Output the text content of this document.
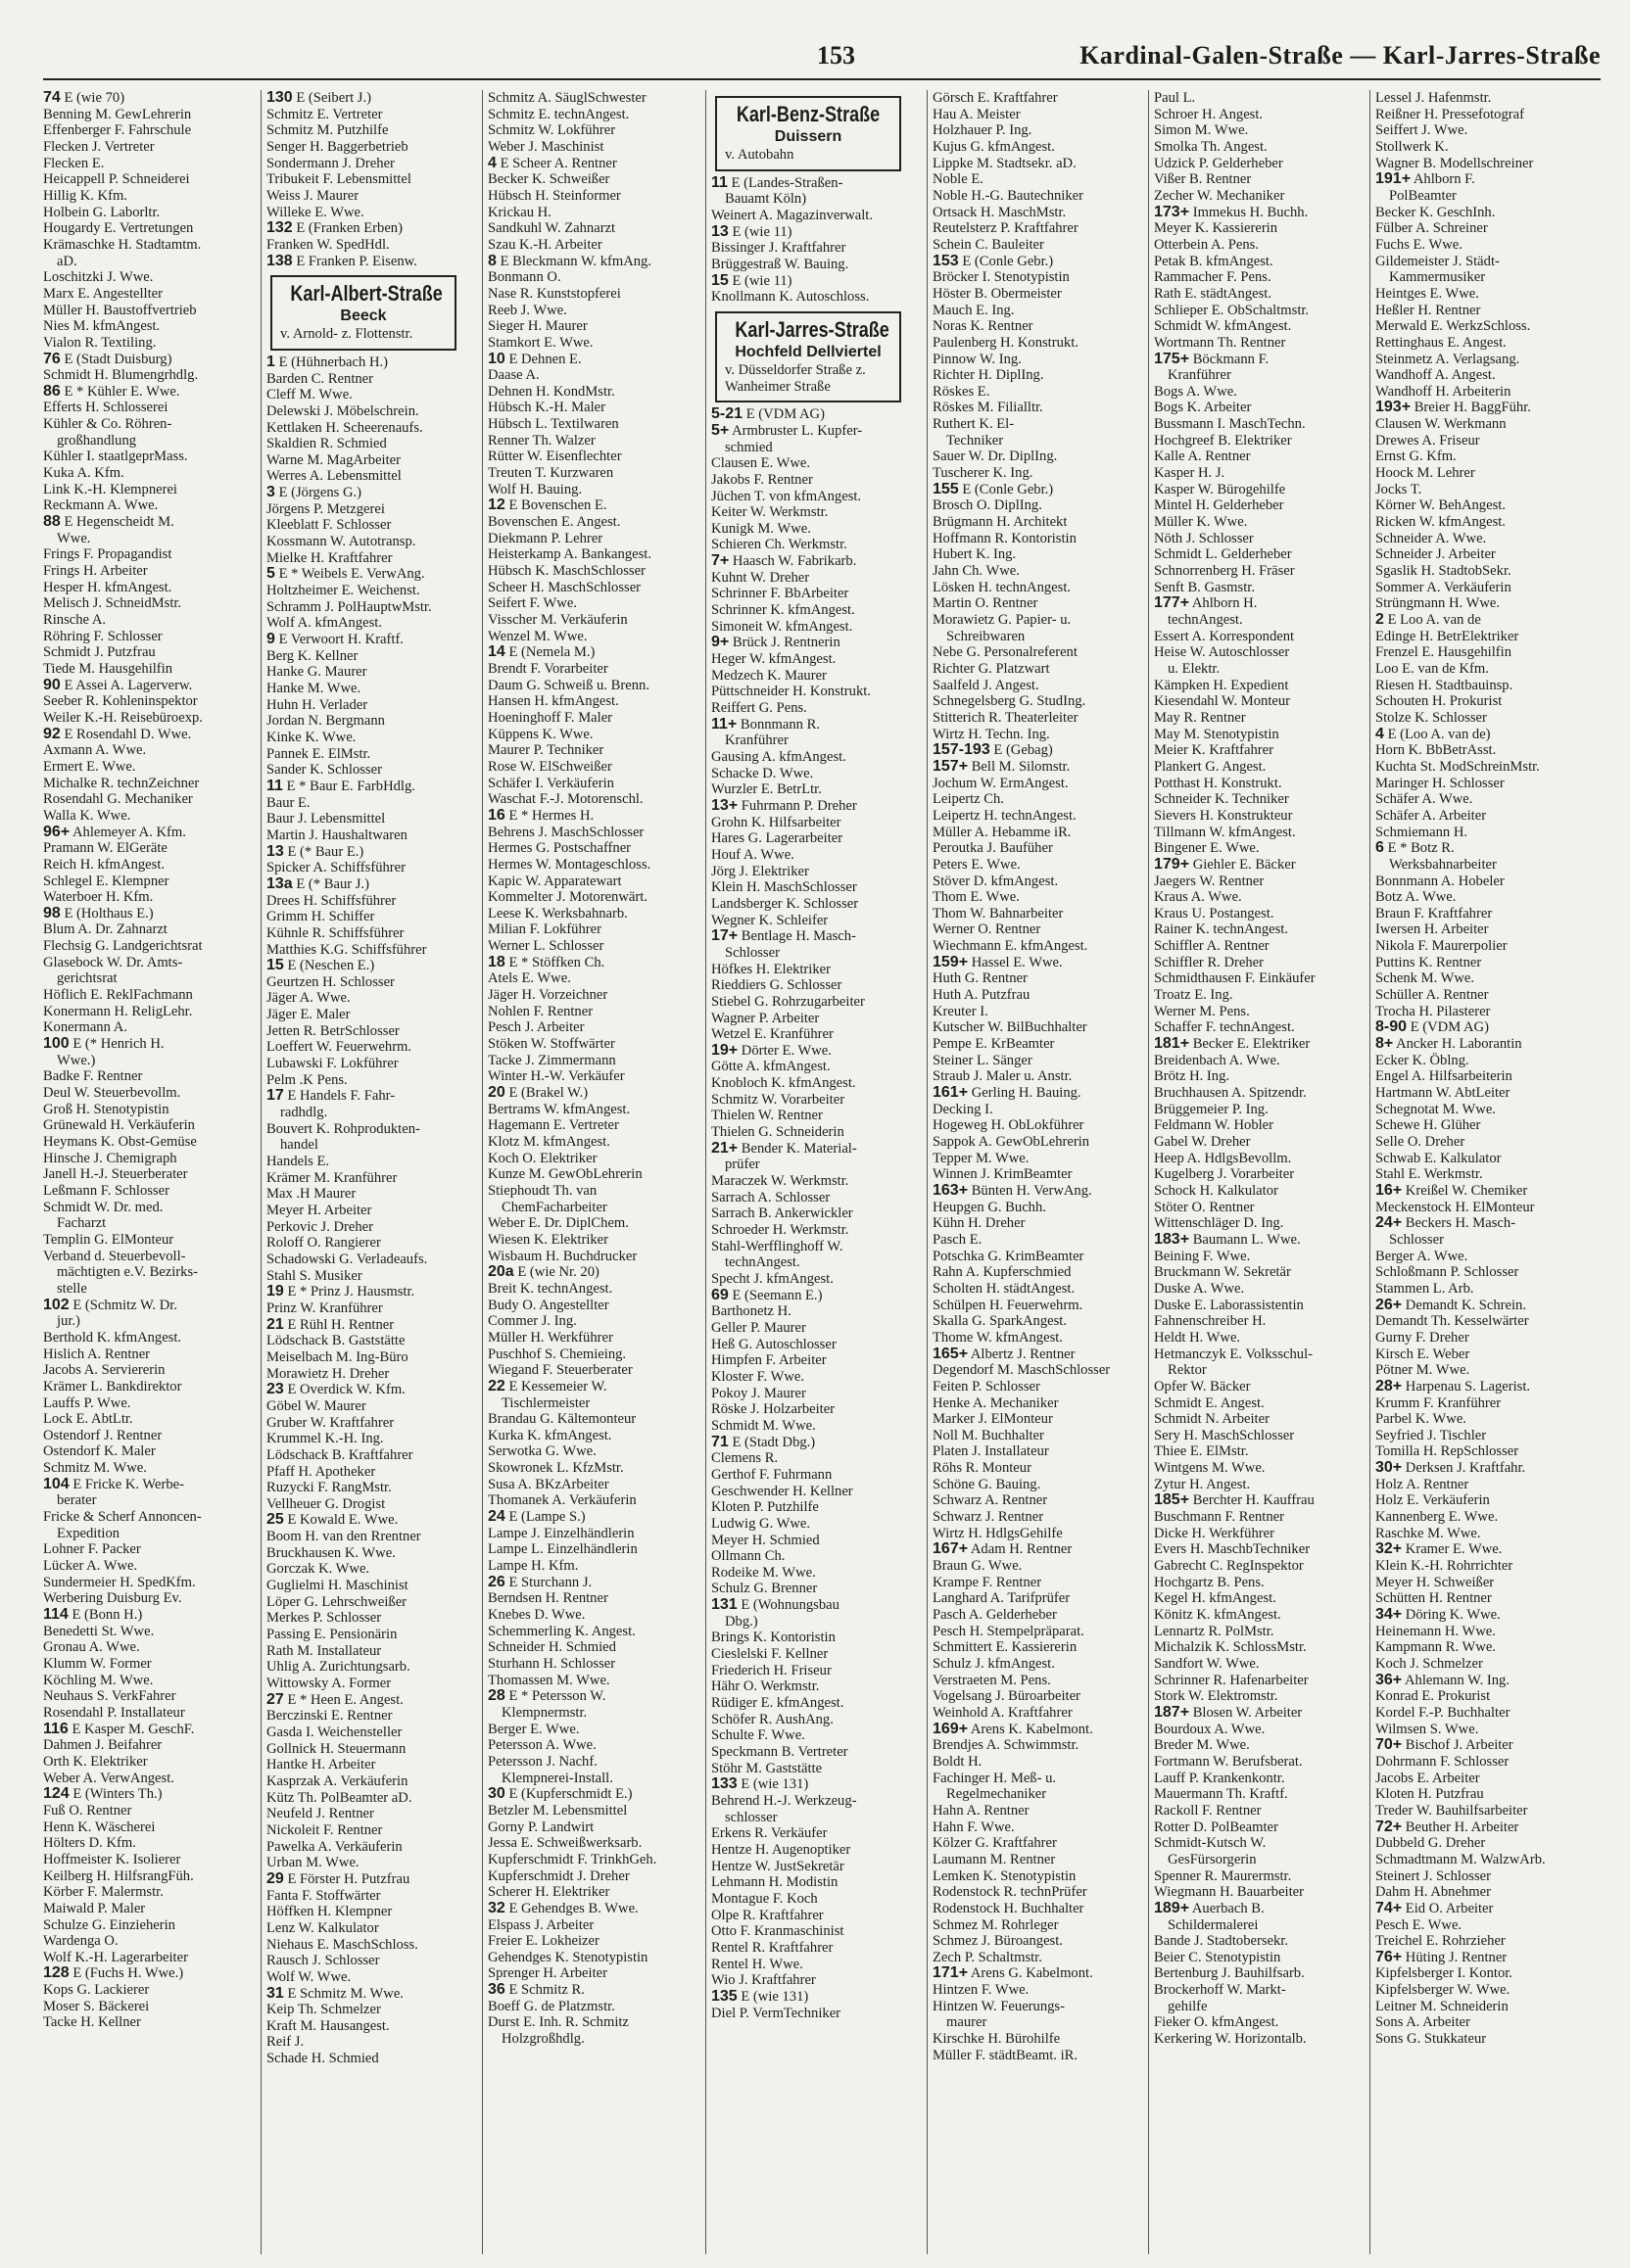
153	Kardinal-Galen-Straße — Karl-Jarres-Straße
74 E (wie 70)
Benning M. GewLehrerin
Effenberger F. Fahrschule
Flecken J. Vertreter
Flecken E.
Heicappell P. Schneiderei
Hillig K. Kfm.
Holbein G. Laborltr.
Hougardy E. Vertretungen
Krämaschke H. Stadtamtm.
aD.
Loschitzki J. Wwe.
Marx E. Angestellter
Müller H. Baustoffvertrieb
Nies M. kfmAngest.
Vialon R. Textiling.
76 E (Stadt Duisburg)
Schmidt H. Blumengrhdlg.
86 E * Kühler E. Wwe.
Efferts H. Schlosserei
Kühler & Co. Röhren-
großhandlung
Kühler I. staatlgeprMass.
Kuka A. Kfm.
Link K.-H. Klempnerei
Reckmann A. Wwe.
88 E Hegenscheidt M.
Wwe.
Frings F. Propagandist
Frings H. Arbeiter
Hesper H. kfmAngest.
Melisch J. SchneidMstr.
Rinsche A.
Röhring F. Schlosser
Schmidt J. Putzfrau
Tiede M. Hausgehilfin
90 E Assei A. Lagerverw.
Seeber R. Kohleninspektor
Weiler K.-H. Reisebüroexp.
92 E Rosendahl D. Wwe.
Axmann A. Wwe.
Ermert E. Wwe.
Michalke R. technZeichner
Rosendahl G. Mechaniker
Walla K. Wwe.
96+ Ahlemeyer A. Kfm.
Pramann W. ElGeräte
Reich H. kfmAngest.
Schlegel E. Klempner
Waterboer H. Kfm.
98 E (Holthaus E.)
Blum A. Dr. Zahnarzt
Flechsig G. Landgerichtsrat
Glasebock W. Dr. Amts-
gerichtsrat
Höflich E. ReklFachmann
Konermann H. ReligLehr.
Konermann A.
100 E (* Henrich H.
Wwe.)
Badke F. Rentner
Deul W. Steuerbevollm.
Groß H. Stenotypistin
Grünewald H. Verkäuferin
Heymans K. Obst-Gemüse
Hinsche J. Chemigraph
Janell H.-J. Steuerberater
Leßmann F. Schlosser
Schmidt W. Dr. med.
Facharzt
Templin G. ElMonteur
Verband d. Steuerbevoll-
mächtigten e.V. Bezirks-
stelle
102 E (Schmitz W. Dr.
jur.)
Berthold K. kfmAngest.
Hislich A. Rentner
Jacobs A. Serviererin
Krämer L. Bankdirektor
Lauffs P. Wwe.
Lock E. AbtLtr.
Ostendorf J. Rentner
Ostendorf K. Maler
Schmitz M. Wwe.
104 E Fricke K. Werbe-
berater
Fricke & Scherf Annoncen-
Expedition
Lohner F. Packer
Lücker A. Wwe.
Sundermeier H. SpedKfm.
Werbering Duisburg Ev.
114 E (Bonn H.)
Benedetti St. Wwe.
Gronau A. Wwe.
Klumm W. Former
Köchling M. Wwe.
Neuhaus S. VerkFahrer
Rosendahl P. Installateur
116 E Kasper M. GeschF.
Dahmen J. Beifahrer
Orth K. Elektriker
Weber A. VerwAngest.
124 E (Winters Th.)
Fuß O. Rentner
Henn K. Wäscherei
Hölters D. Kfm.
Hoffmeister K. Isolierer
Keilberg H. HilfsrangFüh.
Körber F. Malermstr.
Maiwald P. Maler
Schulze G. Einzieherin
Wardenga O.
Wolf K.-H. Lagerarbeiter
128 E (Fuchs H. Wwe.)
Kops G. Lackierer
Moser S. Bäckerei
Tacke H. Kellner
130 E (Seibert J.)
Schmitz E. Vertreter
Schmitz M. Putzhilfe
Senger H. Baggerbetrieb
Sondermann J. Dreher
Tribukeit F. Lebensmittel
Weiss J. Maurer
Willeke E. Wwe.
132 E (Franken Erben)
Franken W. SpedHdl.
138 E Franken P. Eisenw.
Karl-Albert-Straße
Beeck
v. Arnold- z. Flottenstr.
1 E (Hühnerbach H.)
Barden C. Rentner
Cleff M. Wwe.
Delewski J. Möbelschrein.
Kettlaken H. Scheerenaufs.
Skaldien R. Schmied
Warne M. MagArbeiter
Werres A. Lebensmittel
3 E (Jörgens G.)
Jörgens P. Metzgerei
Kleeblatt F. Schlosser
Kossmann W. Autotransp.
Mielke H. Kraftfahrer
5 E * Weibels E. VerwAng.
Holtzheimer E. Weichenst.
Schramm J. PolHauptwMstr.
Wolf A. kfmAngest.
9 E Verwoort H. Kraftf.
Berg K. Kellner
Hanke G. Maurer
Hanke M. Wwe.
Huhn H. Verlader
Jordan N. Bergmann
Kinke K. Wwe.
Pannek E. ElMstr.
Sander K. Schlosser
11 E * Baur E. FarbHdlg.
Baur E.
Baur J. Lebensmittel
Martin J. Haushaltwaren
13 E (* Baur E.)
Spicker A. Schiffsführer
13a E (* Baur J.)
Drees H. Schiffsführer
Grimm H. Schiffer
Kühnle R. Schiffsführer
Matthies K.G. Schiffsführer
15 E (Neschen E.)
Geurtzen H. Schlosser
Jäger A. Wwe.
Jäger E. Maler
Jetten R. BetrSchlosser
Loeffert W. Feuerwehrm.
Lubawski F. Lokführer
Pelm .K Pens.
17 E Handels F. Fahr-
radhdlg.
Bouvert K. Rohprodukten-
handel
Handels E.
Krämer M. Kranführer
Max .H Maurer
Meyer H. Arbeiter
Perkovic J. Dreher
Roloff O. Rangierer
Schadowski G. Verladeaufs.
Stahl S. Musiker
19 E * Prinz J. Hausmstr.
Prinz W. Kranführer
21 E Rühl H. Rentner
Lödschack B. Gaststätte
Meiselbach M. Ing-Büro
Morawietz H. Dreher
23 E Overdick W. Kfm.
Göbel W. Maurer
Gruber W. Kraftfahrer
Krummel K.-H. Ing.
Lödschack B. Kraftfahrer
Pfaff H. Apotheker
Ruzycki F. RangMstr.
Vellheuer G. Drogist
25 E Kowald E. Wwe.
Boom H. van den Rrentner
Bruckhausen K. Wwe.
Gorczak K. Wwe.
Guglielmi H. Maschinist
Löper G. Lehrschweißer
Merkes P. Schlosser
Passing E. Pensionärin
Rath M. Installateur
Uhlig A. Zurichtungsarb.
Wittowsky A. Former
27 E * Heen E. Angest.
Berczinski E. Rentner
Gasda I. Weichensteller
Gollnick H. Steuermann
Hantke H. Arbeiter
Kasprzak A. Verkäuferin
Kütz Th. PolBeamter aD.
Neufeld J. Rentner
Nickoleit F. Rentner
Pawelka A. Verkäuferin
Urban M. Wwe.
29 E Förster H. Putzfrau
Fanta F. Stoffwärter
Höffken H. Klempner
Lenz W. Kalkulator
Niehaus E. MaschSchloss.
Rausch J. Schlosser
Wolf W. Wwe.
31 E Schmitz M. Wwe.
Keip Th. Schmelzer
Kraft M. Hausangest.
Reif J.
Schade H. Schmied
Schmitz A. SäuglSchwester
Schmitz E. technAngest.
Schmitz W. Lokführer
Weber J. Maschinist
4 E Scheer A. Rentner
Becker K. Schweißer
Hübsch H. Steinformer
Krickau H.
Sandkuhl W. Zahnarzt
Szau K.-H. Arbeiter
8 E Bleckmann W. kfmAng.
Bonmann O.
Nase R. Kunststopferei
Reeb J. Wwe.
Sieger H. Maurer
Stamkort E. Wwe.
10 E Dehnen E.
Daase A.
Dehnen H. KondMstr.
Hübsch K.-H. Maler
Hübsch L. Textilwaren
Renner Th. Walzer
Rütter W. Eisenflechter
Treuten T. Kurzwaren
Wolf H. Bauing.
12 E Bovenschen E.
Bovenschen E. Angest.
Diekmann P. Lehrer
Heisterkamp A. Bankangest.
Hübsch K. MaschSchlosser
Scheer H. MaschSchlosser
Seifert F. Wwe.
Visscher M. Verkäuferin
Wenzel M. Wwe.
14 E (Nemela M.)
Brendt F. Vorarbeiter
Daum G. Schweiß u. Brenn.
Hansen H. kfmAngest.
Hoeninghoff F. Maler
Küppens K. Wwe.
Maurer P. Techniker
Rose W. ElSchweißer
Schäfer I. Verkäuferin
Waschat F.-J. Motorenschl.
16 E * Hermes H.
Behrens J. MaschSchlosser
Hermes G. Postschaffner
Hermes W. Montageschloss.
Kapic W. Apparatewart
Kommelter J. Motorenwärt.
Leese K. Werksbahnarb.
Milian F. Lokführer
Werner L. Schlosser
18 E * Stöffken Ch.
Atels E. Wwe.
Jäger H. Vorzeichner
Nohlen F. Rentner
Pesch J. Arbeiter
Stöken W. Stoffwärter
Tacke J. Zimmermann
Winter H.-W. Verkäufer
20 E (Brakel W.)
Bertrams W. kfmAngest.
Hagemann E. Vertreter
Klotz M. kfmAngest.
Koch O. Elektriker
Kunze M. GewObLehrerin
Stiephoudt Th. van
ChemFacharbeiter
Weber E. Dr. DiplChem.
Wiesen K. Elektriker
Wisbaum H. Buchdrucker
20a E (wie Nr. 20)
Breit K. technAngest.
Budy O. Angestellter
Commer J. Ing.
Müller H. Werkführer
Puschhof S. Chemieing.
Wiegand F. Steuerberater
22 E Kessemeier W.
Tischlermeister
Brandau G. Kältemonteur
Kurka K. kfmAngest.
Serwotka G. Wwe.
Skowronek L. KfzMstr.
Susa A. BKzArbeiter
Thomanek A. Verkäuferin
24 E (Lampe S.)
Lampe J. Einzelhändlerin
Lampe L. Einzelhändlerin
Lampe H. Kfm.
26 E Sturchann J.
Berndsen H. Rentner
Knebes D. Wwe.
Schemmerling K. Angest.
Schneider H. Schmied
Sturhann H. Schlosser
Thomassen M. Wwe.
28 E * Petersson W.
Klempnermstr.
Berger E. Wwe.
Petersson A. Wwe.
Petersson J. Nachf.
Klempnerei-Install.
30 E (Kupferschmidt E.)
Betzler M. Lebensmittel
Gorny P. Landwirt
Jessa E. Schweißwerksarb.
Kupferschmidt F. TrinkhGeh.
Kupferschmidt J. Dreher
Scherer H. Elektriker
32 E Gehendges B. Wwe.
Elspass J. Arbeiter
Freier E. Lokheizer
Gehendges K. Stenotypistin
Sprenger H. Arbeiter
36 E Schmitz R.
Boeff G. de Platzmstr.
Durst E. Inh. R. Schmitz
Holzgroßhdlg.
Karl-Benz-Straße
Duissern
v. Autobahn
11 E (Landes-Straßen-
Bauamt Köln)
Weinert A. Magazinverwalt.
13 E (wie 11)
Bissinger J. Kraftfahrer
Brüggestraß W. Bauing.
15 E (wie 11)
Knollmann K. Autoschloss.
Karl-Jarres-Straße
Hochfeld Dellviertel
v. Düsseldorfer Straße z.
Wanheimer Straße
5-21 E (VDM AG)
5+ Armbruster L. Kupfer-
schmied
Clausen E. Wwe.
Jakobs F. Rentner
Jüchen T. von kfmAngest.
Keiter W. Werkmstr.
Kunigk M. Wwe.
Schieren Ch. Werkmstr.
7+ Haasch W. Fabrikarb.
Kuhnt W. Dreher
Schrinner F. BbArbeiter
Schrinner K. kfmAngest.
Simoneit W. kfmAngest.
9+ Brück J. Rentnerin
Heger W. kfmAngest.
Medzech K. Maurer
Püttschneider H. Konstrukt.
Reiffert G. Pens.
11+ Bonnmann R.
Kranführer
Gausing A. kfmAngest.
Schacke D. Wwe.
Wurzler E. BetrLtr.
13+ Fuhrmann P. Dreher
Grohn K. Hilfsarbeiter
Hares G. Lagerarbeiter
Houf A. Wwe.
Jörg J. Elektriker
Klein H. MaschSchlosser
Landsberger K. Schlosser
Wegner K. Schleifer
17+ Bentlage H. Masch-
Schlosser
Höfkes H. Elektriker
Rieddiers G. Schlosser
Stiebel G. Rohrzugarbeiter
Wagner P. Arbeiter
Wetzel E. Kranführer
19+ Dörter E. Wwe.
Götte A. kfmAngest.
Knobloch K. kfmAngest.
Schmitz W. Vorarbeiter
Thielen W. Rentner
Thielen G. Schneiderin
21+ Bender K. Material-
prüfer
Maraczek W. Werkmstr.
Sarrach A. Schlosser
Sarrach B. Ankerwickler
Schroeder H. Werkmstr.
Stahl-Werfflinghoff W.
technAngest.
Specht J. kfmAngest.
69 E (Seemann E.)
Barthonetz H.
Geller P. Maurer
Heß G. Autoschlosser
Himpfen F. Arbeiter
Kloster F. Wwe.
Pokoy J. Maurer
Röske J. Holzarbeiter
Schmidt M. Wwe.
71 E (Stadt Dbg.)
Clemens R.
Gerthof F. Fuhrmann
Geschwender H. Kellner
Kloten P. Putzhilfe
Ludwig G. Wwe.
Meyer H. Schmied
Ollmann Ch.
Rodeike M. Wwe.
Schulz G. Brenner
131 E (Wohnungsbau
Dbg.)
Brings K. Kontoristin
Cieslelski F. Kellner
Friederich H. Friseur
Hähr O. Werkmstr.
Rüdiger E. kfmAngest.
Schöfer R. AushAng.
Schulte F. Wwe.
Speckmann B. Vertreter
Stöhr M. Gaststätte
133 E (wie 131)
Behrend H.-J. Werkzeug-
schlosser
Erkens R. Verkäufer
Hentze H. Augenoptiker
Hentze W. JustSekretär
Lehmann H. Modistin
Montague F. Koch
Olpe R. Kraftfahrer
Otto F. Kranmaschinist
Rentel R. Kraftfahrer
Rentel H. Wwe.
Wio J. Kraftfahrer
135 E (wie 131)
Diel P. VermTechniker
Görsch E. Kraftfahrer
Hau A. Meister
Holzhauer P. Ing.
Kujus G. kfmAngest.
Lippke M. Stadtsekr. aD.
Noble E.
Noble H.-G. Bautechniker
Ortsack H. MaschMstr.
Reutelsterz P. Kraftfahrer
Schein C. Bauleiter
153 E (Conle Gebr.)
Bröcker I. Stenotypistin
Höster B. Obermeister
Mauch E. Ing.
Noras K. Rentner
Paulenberg H. Konstrukt.
Pinnow W. Ing.
Richter H. DiplIng.
Röskes E.
Röskes M. Filialltr.
Ruthert K. El-
Techniker
Sauer W. Dr. DiplIng.
Tuscherer K. Ing.
155 E (Conle Gebr.)
Brosch O. DiplIng.
Brügmann H. Architekt
Hoffmann R. Kontoristin
Hubert K. Ing.
Jahn Ch. Wwe.
Lösken H. technAngest.
Martin O. Rentner
Morawietz G. Papier- u.
Schreibwaren
Nebe G. Personalreferent
Richter G. Platzwart
Saalfeld J. Angest.
Schnegelsberg G. StudIng.
Stitterich R. Theaterleiter
Wirtz H. Techn. Ing.
157-193 E (Gebag)
157+ Bell M. Silomstr.
Jochum W. ErmAngest.
Leipertz Ch.
Leipertz H. technAngest.
Müller A. Hebamme iR.
Peroutka J. Baufüher
Peters E. Wwe.
Stöver D. kfmAngest.
Thom E. Wwe.
Thom W. Bahnarbeiter
Werner O. Rentner
Wiechmann E. kfmAngest.
159+ Hassel E. Wwe.
Huth G. Rentner
Huth A. Putzfrau
Kreuter I.
Kutscher W. BilBuchhalter
Pempe E. KrBeamter
Steiner L. Sänger
Straub J. Maler u. Anstr.
161+ Gerling H. Bauing.
Decking I.
Hogeweg H. ObLokführer
Sappok A. GewObLehrerin
Tepper M. Wwe.
Winnen J. KrimBeamter
163+ Bünten H. VerwAng.
Heupgen G. Buchh.
Kühn H. Dreher
Pasch E.
Potschka G. KrimBeamter
Rahn A. Kupferschmied
Scholten H. städtAngest.
Schülpen H. Feuerwehrm.
Skalla G. SparkAngest.
Thome W. kfmAngest.
165+ Albertz J. Rentner
Degendorf M. MaschSchlosser
Feiten P. Schlosser
Henke A. Mechaniker
Marker J. ElMonteur
Noll M. Buchhalter
Platen J. Installateur
Röhs R. Monteur
Schöne G. Bauing.
Schwarz A. Rentner
Schwarz J. Rentner
Wirtz H. HdlgsGehilfe
167+ Adam H. Rentner
Braun G. Wwe.
Krampe F. Rentner
Langhard A. Tarifprüfer
Pasch A. Gelderheber
Pesch H. Stempelpräparat.
Schmittert E. Kassiererin
Schulz J. kfmAngest.
Verstraeten M. Pens.
Vogelsang J. Büroarbeiter
Weinhold A. Kraftfahrer
169+ Arens K. Kabelmont.
Brendjes A. Schwimmstr.
Boldt H.
Fachinger H. Meß- u.
Regelmechaniker
Hahn A. Rentner
Hahn F. Wwe.
Kölzer G. Kraftfahrer
Laumann M. Rentner
Lemken K. Stenotypistin
Rodenstock R. technPrüfer
Rodenstock H. Buchhalter
Schmez M. Rohrleger
Schmez J. Büroangest.
Zech P. Schaltmstr.
171+ Arens G. Kabelmont.
Hintzen F. Wwe.
Hintzen W. Feuerungs-
maurer
Kirschke H. Bürohilfe
Müller F. städtBeamt. iR.
Paul L.
Schroer H. Angest.
Simon M. Wwe.
Smolka Th. Angest.
Udzick P. Gelderheber
Vißer B. Rentner
Zecher W. Mechaniker
173+ Immekus H. Buchh.
Meyer K. Kassiererin
Otterbein A. Pens.
Petak B. kfmAngest.
Rammacher F. Pens.
Rath E. städtAngest.
Schlieper E. ObSchaltmstr.
Schmidt W. kfmAngest.
Wortmann Th. Rentner
175+ Böckmann F.
Kranführer
Bogs A. Wwe.
Bogs K. Arbeiter
Bussmann I. MaschTechn.
Hochgreef B. Elektriker
Kalle A. Rentner
Kasper H. J.
Kasper W. Bürogehilfe
Mintel H. Gelderheber
Müller K. Wwe.
Nöth J. Schlosser
Schmidt L. Gelderheber
Schnorrenberg H. Fräser
Senft B. Gasmstr.
177+ Ahlborn H.
technAngest.
Essert A. Korrespondent
Heise W. Autoschlosser
u. Elektr.
Kämpken H. Expedient
Kiesendahl W. Monteur
May R. Rentner
May M. Stenotypistin
Meier K. Kraftfahrer
Plankert G. Angest.
Potthast H. Konstrukt.
Schneider K. Techniker
Sievers H. Konstrukteur
Tillmann W. kfmAngest.
Bingener E. Wwe.
179+ Giehler E. Bäcker
Jaegers W. Rentner
Kraus A. Wwe.
Kraus U. Postangest.
Rainer K. technAngest.
Schiffler A. Rentner
Schiffler R. Dreher
Schmidthausen F. Einkäufer
Troatz E. Ing.
Werner M. Pens.
Schaffer F. technAngest.
181+ Becker E. Elektriker
Breidenbach A. Wwe.
Brötz H. Ing.
Bruchhausen A. Spitzendr.
Brüggemeier P. Ing.
Feldmann W. Hobler
Gabel W. Dreher
Heep A. HdlgsBevollm.
Kugelberg J. Vorarbeiter
Schock H. Kalkulator
Stöter O. Rentner
Wittenschläger D. Ing.
183+ Baumann L. Wwe.
Beining F. Wwe.
Bruckmann W. Sekretär
Duske A. Wwe.
Duske E. Laborassistentin
Fahnenschreiber H.
Heldt H. Wwe.
Hetmanczyk E. Volksschul-
Rektor
Opfer W. Bäcker
Schmidt E. Angest.
Schmidt N. Arbeiter
Sery H. MaschSchlosser
Thiee E. ElMstr.
Wintgens M. Wwe.
Zytur H. Angest.
185+ Berchter H. Kauffrau
Buschmann F. Rentner
Dicke H. Werkführer
Evers H. MaschbTechniker
Gabrecht C. RegInspektor
Hochgartz B. Pens.
Kegel H. kfmAngest.
Könitz K. kfmAngest.
Lennartz R. PolMstr.
Michalzik K. SchlossMstr.
Sandfort W. Wwe.
Schrinner R. Hafenarbeiter
Stork W. Elektromstr.
187+ Blosen W. Arbeiter
Bourdoux A. Wwe.
Breder M. Wwe.
Fortmann W. Berufsberat.
Lauff P. Krankenkontr.
Mauermann Th. Kraftf.
Rackoll F. Rentner
Rotter D. PolBeamter
Schmidt-Kutsch W.
GesFürsorgerin
Spenner R. Maurermstr.
Wiegmann H. Bauarbeiter
189+ Auerbach B.
Schildermalerei
Bande J. Stadtobersekr.
Beier C. Stenotypistin
Bertenburg J. Bauhilfsarb.
Brockerhoff W. Markt-
gehilfe
Fieker O. kfmAngest.
Kerkering W. Horizontalb.
Lessel J. Hafenmstr.
Reißner H. Pressefotograf
Seiffert J. Wwe.
Stollwerk K.
Wagner B. Modellschreiner
191+ Ahlborn F.
PolBeamter
Becker K. GeschInh.
Fülber A. Schreiner
Fuchs E. Wwe.
Gildemeister J. Städt-
Kammermusiker
Heintges E. Wwe.
Heßler H. Rentner
Merwald E. WerkzSchloss.
Rettinghaus E. Angest.
Steinmetz A. Verlagsang.
Wandhoff A. Angest.
Wandhoff H. Arbeiterin
193+ Breier H. BaggFühr.
Clausen W. Werkmann
Drewes A. Friseur
Ernst G. Kfm.
Hoock M. Lehrer
Jocks T.
Körner W. BehAngest.
Ricken W. kfmAngest.
Schneider A. Wwe.
Schneider J. Arbeiter
Sgaslik H. StadtobSekr.
Sommer A. Verkäuferin
Strüngmann H. Wwe.
2 E Loo A. van de
Edinge H. BetrElektriker
Frenzel E. Hausgehilfin
Loo E. van de Kfm.
Riesen H. Stadtbauinsp.
Schouten H. Prokurist
Stolze K. Schlosser
4 E (Loo A. van de)
Horn K. BbBetrAsst.
Kuchta St. ModSchreinMstr.
Maringer H. Schlosser
Schäfer A. Wwe.
Schäfer A. Arbeiter
Schmiemann H.
6 E * Botz R.
Werksbahnarbeiter
Bonnmann A. Hobeler
Botz A. Wwe.
Braun F. Kraftfahrer
Iwersen H. Arbeiter
Nikola F. Maurerpolier
Puttins K. Rentner
Schenk M. Wwe.
Schüller A. Rentner
Trocha H. Pilasterer
8-90 E (VDM AG)
8+ Ancker H. Laborantin
Ecker K. Öblng.
Engel A. Hilfsarbeiterin
Hartmann W. AbtLeiter
Schegnotat M. Wwe.
Schewe H. Glüher
Selle O. Dreher
Schwab E. Kalkulator
Stahl E. Werkmstr.
16+ Kreißel W. Chemiker
Meckenstock H. ElMonteur
24+ Beckers H. Masch-
Schlosser
Berger A. Wwe.
Schloßmann P. Schlosser
Stammen L. Arb.
26+ Demandt K. Schrein.
Demandt Th. Kesselwärter
Gurny F. Dreher
Kirsch E. Weber
Pötner M. Wwe.
28+ Harpenau S. Lagerist.
Krumm F. Kranführer
Parbel K. Wwe.
Seyfried J. Tischler
Tomilla H. RepSchlosser
30+ Derksen J. Kraftfahr.
Holz A. Rentner
Holz E. Verkäuferin
Kannenberg E. Wwe.
Raschke M. Wwe.
32+ Kramer E. Wwe.
Klein K.-H. Rohrrichter
Meyer H. Schweißer
Schütten H. Rentner
34+ Döring K. Wwe.
Heinemann H. Wwe.
Kampmann R. Wwe.
Koch J. Schmelzer
36+ Ahlemann W. Ing.
Konrad E. Prokurist
Kordel F.-P. Buchhalter
Wilmsen S. Wwe.
70+ Bischof J. Arbeiter
Dohrmann F. Schlosser
Jacobs E. Arbeiter
Kloten H. Putzfrau
Treder W. Bauhilfsarbeiter
72+ Beuther H. Arbeiter
Dubbeld G. Dreher
Schmadtmann M. WalzwArb.
Steinert J. Schlosser
Dahm H. Abnehmer
74+ Eid O. Arbeiter
Pesch E. Wwe.
Treichel E. Rohrzieher
76+ Hüting J. Rentner
Kipfelsberger I. Kontor.
Kipfelsberger W. Wwe.
Leitner M. Schneiderin
Sons A. Arbeiter
Sons G. Stukkateur
